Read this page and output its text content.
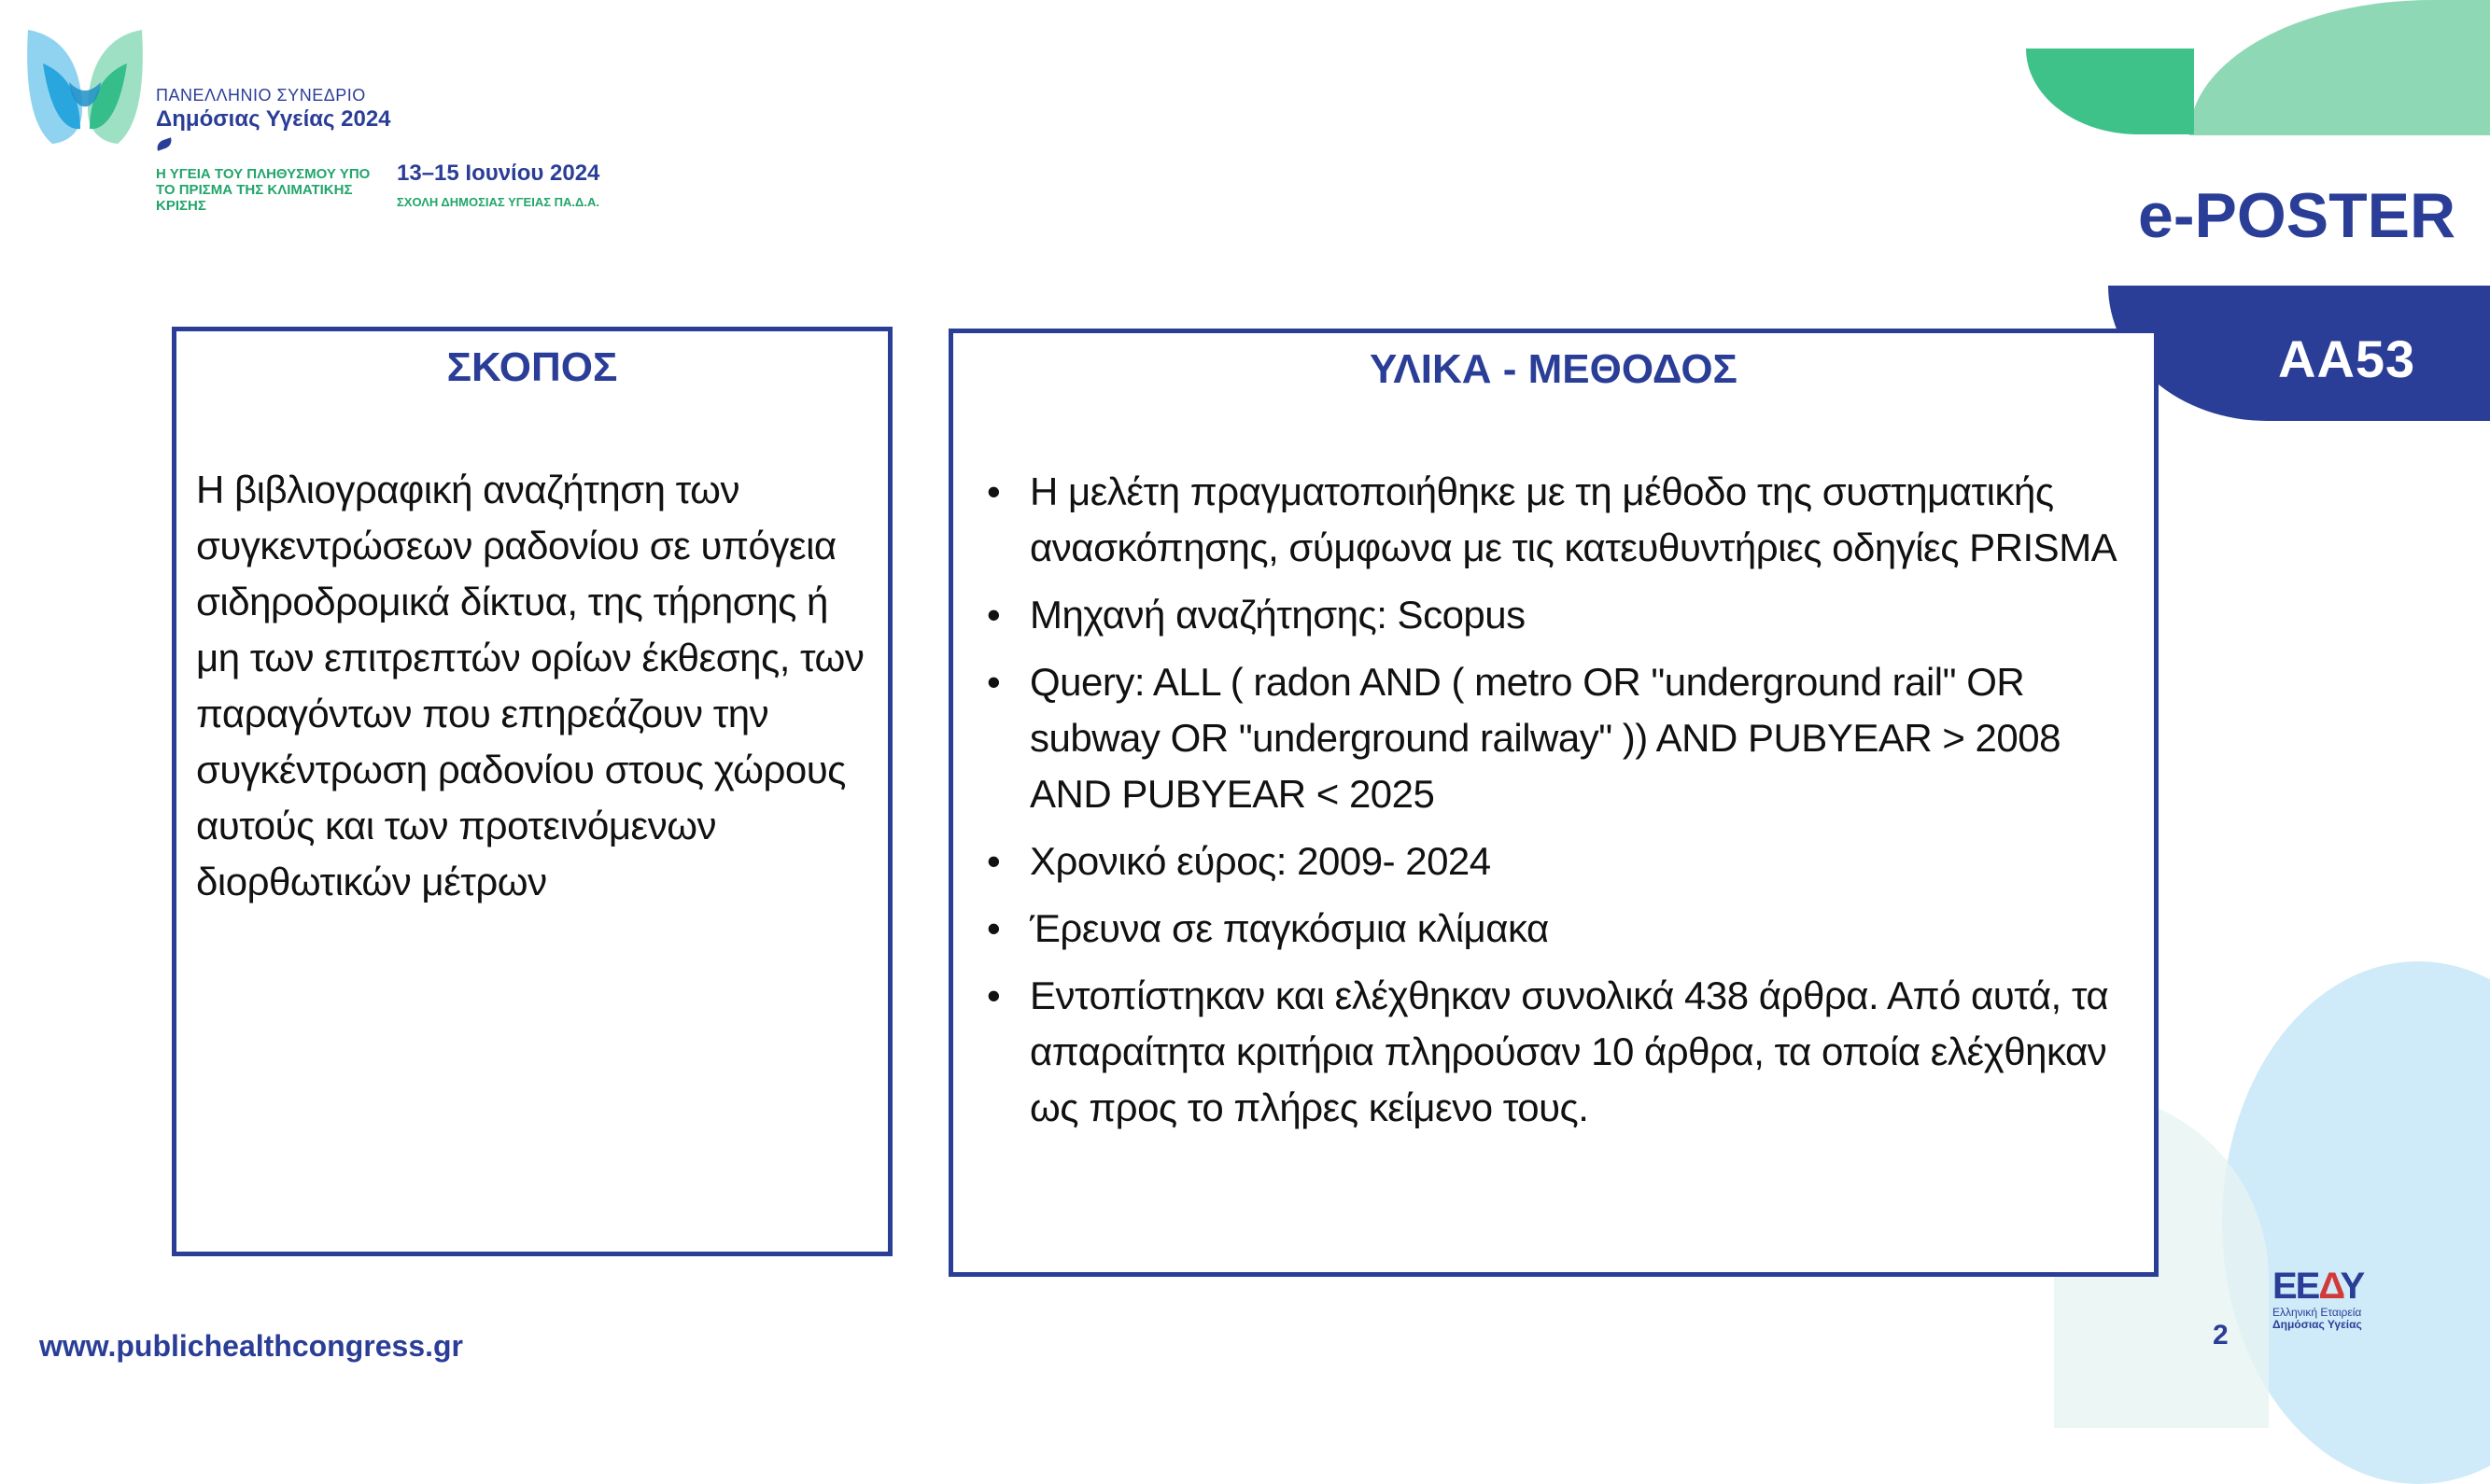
ΠΑΝΕΛΛΗΝΙΟ ΣΥΝΕΔΡΙΟ
Δημόσιας Υγείας 2024
Η ΥΓΕΙΑ ΤΟΥ ΠΛΗΘΥΣΜΟΥ ΥΠΟ ΤΟ ΠΡΙΣΜΑ ΤΗΣ ΚΛΙΜΑΤΙΚΗΣ ΚΡΙΣΗΣ
13–15 Ιουνίου 2024
ΣΧΟΛΗ ΔΗΜΟΣΙΑΣ ΥΓΕΙΑΣ ΠΑ.Δ.Α.	e-POSTER
ΑΑ53
ΣΚΟΠΟΣ
Η βιβλιογραφική αναζήτηση των συγκεντρώσεων ραδονίου σε υπόγεια σιδηροδρομικά δίκτυα, της τήρησης ή μη των επιτρεπτών ορίων έκθεσης, των παραγόντων που επηρεάζουν την συγκέντρωση ραδονίου στους χώρους αυτούς και των προτεινόμενων διορθωτικών μέτρων
ΥΛΙΚΑ - ΜΕΘΟΔΟΣ
• Η μελέτη πραγματοποιήθηκε με τη μέθοδο της συστηματικής ανασκόπησης, σύμφωνα με τις κατευθυντήριες οδηγίες PRISMA
• Μηχανή αναζήτησης: Scopus
• Query: ALL ( radon AND ( metro OR "underground rail" OR subway OR "underground railway" )) AND PUBYEAR > 2008 AND PUBYEAR < 2025
• Χρονικό εύρος: 2009- 2024
• Έρευνα σε παγκόσμια κλίμακα
• Εντοπίστηκαν και ελέχθηκαν συνολικά 438 άρθρα. Από αυτά, τα απαραίτητα κριτήρια πληρούσαν 10 άρθρα, τα οποία ελέχθηκαν ως προς το πλήρες κείμενο τους.
www.publichealthcongress.gr	2
ΕΕΔΥ
Ελληνική Εταιρεία
Δημόσιας Υγείας
